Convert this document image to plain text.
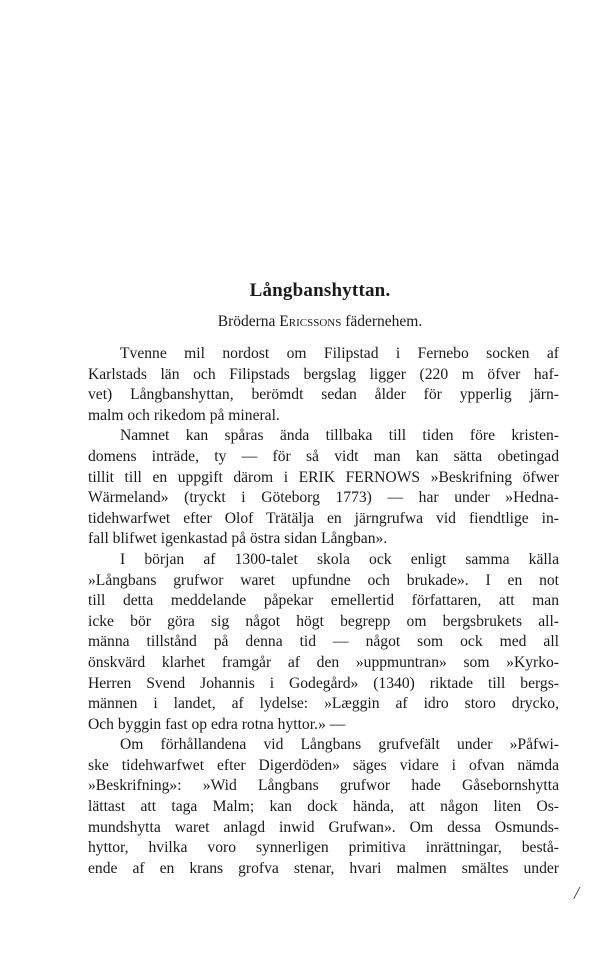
Långbanshyttan.

Bröderna Ericssons fädernehem.

Tvenne mil nordost om Filipstad i Fernebo socken af
Karlstads län och Filipstads bergslag ligger (220 m öfver haf-
vet) Långbanshyttan, berömdt sedan ålder för ypperlig järn-
malm och rikedom på mineral.
Namnet kan spåras ända tillbaka till tiden före kristen-
domens inträde, ty — för så vidt man kan sätta obetingad
tillit till en uppgift därom i ERIK FERNOWS »Beskrifning öfwer
Wärmeland» (tryckt i Göteborg 1773) — har under »Hedna-
tidehwarfwet efter Olof Trätälja en järngrufwa vid fiendtlige in-
fall blifwet igenkastad på östra sidan Långban».
I början af 1300-talet skola ock enligt samma källa
»Långbans grufwor waret upfundne och brukade». I en not
till detta meddelande påpekar emellertid författaren, att man
icke bör göra sig något högt begrepp om bergsbrukets all-
männa tillstånd på denna tid — något som ock med all
önskvärd klarhet framgår af den »uppmuntran» som »Kyrko-
Herren Svend Johannis i Godegård» (1340) riktade till bergs-
männen i landet, af lydelse: »Læggin af idro storo drycko,
Och byggin fast op edra rotna hyttor.» —
Om förhållandena vid Långbans grufvefält under »Påfwi-
ske tidehwarfwet efter Digerdöden» säges vidare i ofvan nämda
»Beskrifning»: »Wid Långbans grufwor hade Gåsebornshytta
lättast att taga Malm; kan dock hända, att någon liten Os-
mundshytta waret anlagd inwid Grufwan». Om dessa Osmunds-
hyttor, hvilka voro synnerligen primitiva inrättningar, bestå-
ende af en krans grofva stenar, hvari malmen smältes under
/
